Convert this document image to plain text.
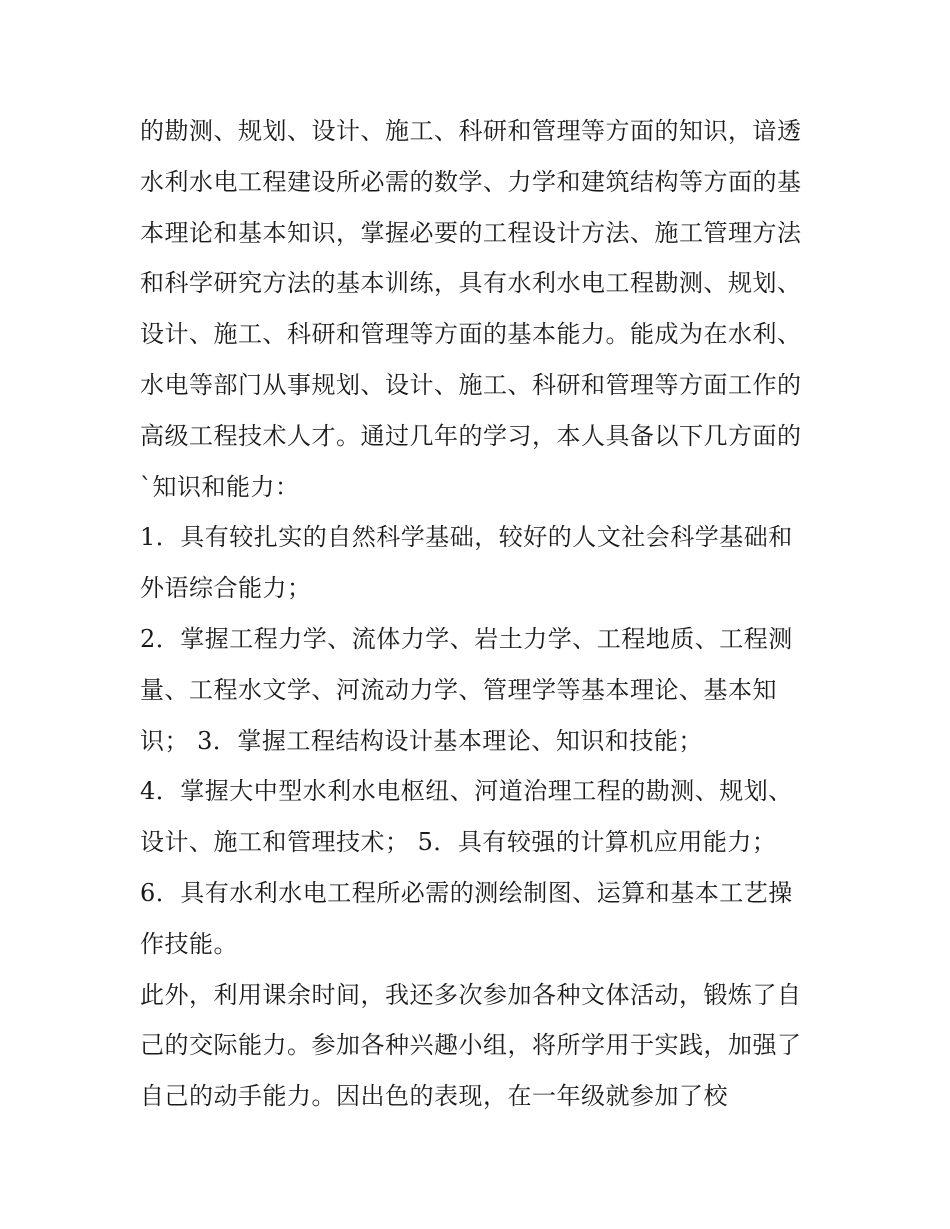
的勘测、规划、设计、施工、科研和管理等方面的知识，谙透
水利水电工程建设所必需的数学、力学和建筑结构等方面的基
本理论和基本知识，掌握必要的工程设计方法、施工管理方法
和科学研究方法的基本训练，具有水利水电工程勘测、规划、
设计、施工、科研和管理等方面的基本能力。能成为在水利、
水电等部门从事规划、设计、施工、科研和管理等方面工作的
高级工程技术人才。通过几年的学习，本人具备以下几方面的
`知识和能力：
1．具有较扎实的自然科学基础，较好的人文社会科学基础和
外语综合能力；
2．掌握工程力学、流体力学、岩土力学、工程地质、工程测
量、工程水文学、河流动力学、管理学等基本理论、基本知
识； 3．掌握工程结构设计基本理论、知识和技能；
4．掌握大中型水利水电枢纽、河道治理工程的勘测、规划、
设计、施工和管理技术； 5．具有较强的计算机应用能力；
6．具有水利水电工程所必需的测绘制图、运算和基本工艺操
作技能。
此外，利用课余时间，我还多次参加各种文体活动，锻炼了自
己的交际能力。参加各种兴趣小组，将所学用于实践，加强了
自己的动手能力。因出色的表现，在一年级就参加了校
